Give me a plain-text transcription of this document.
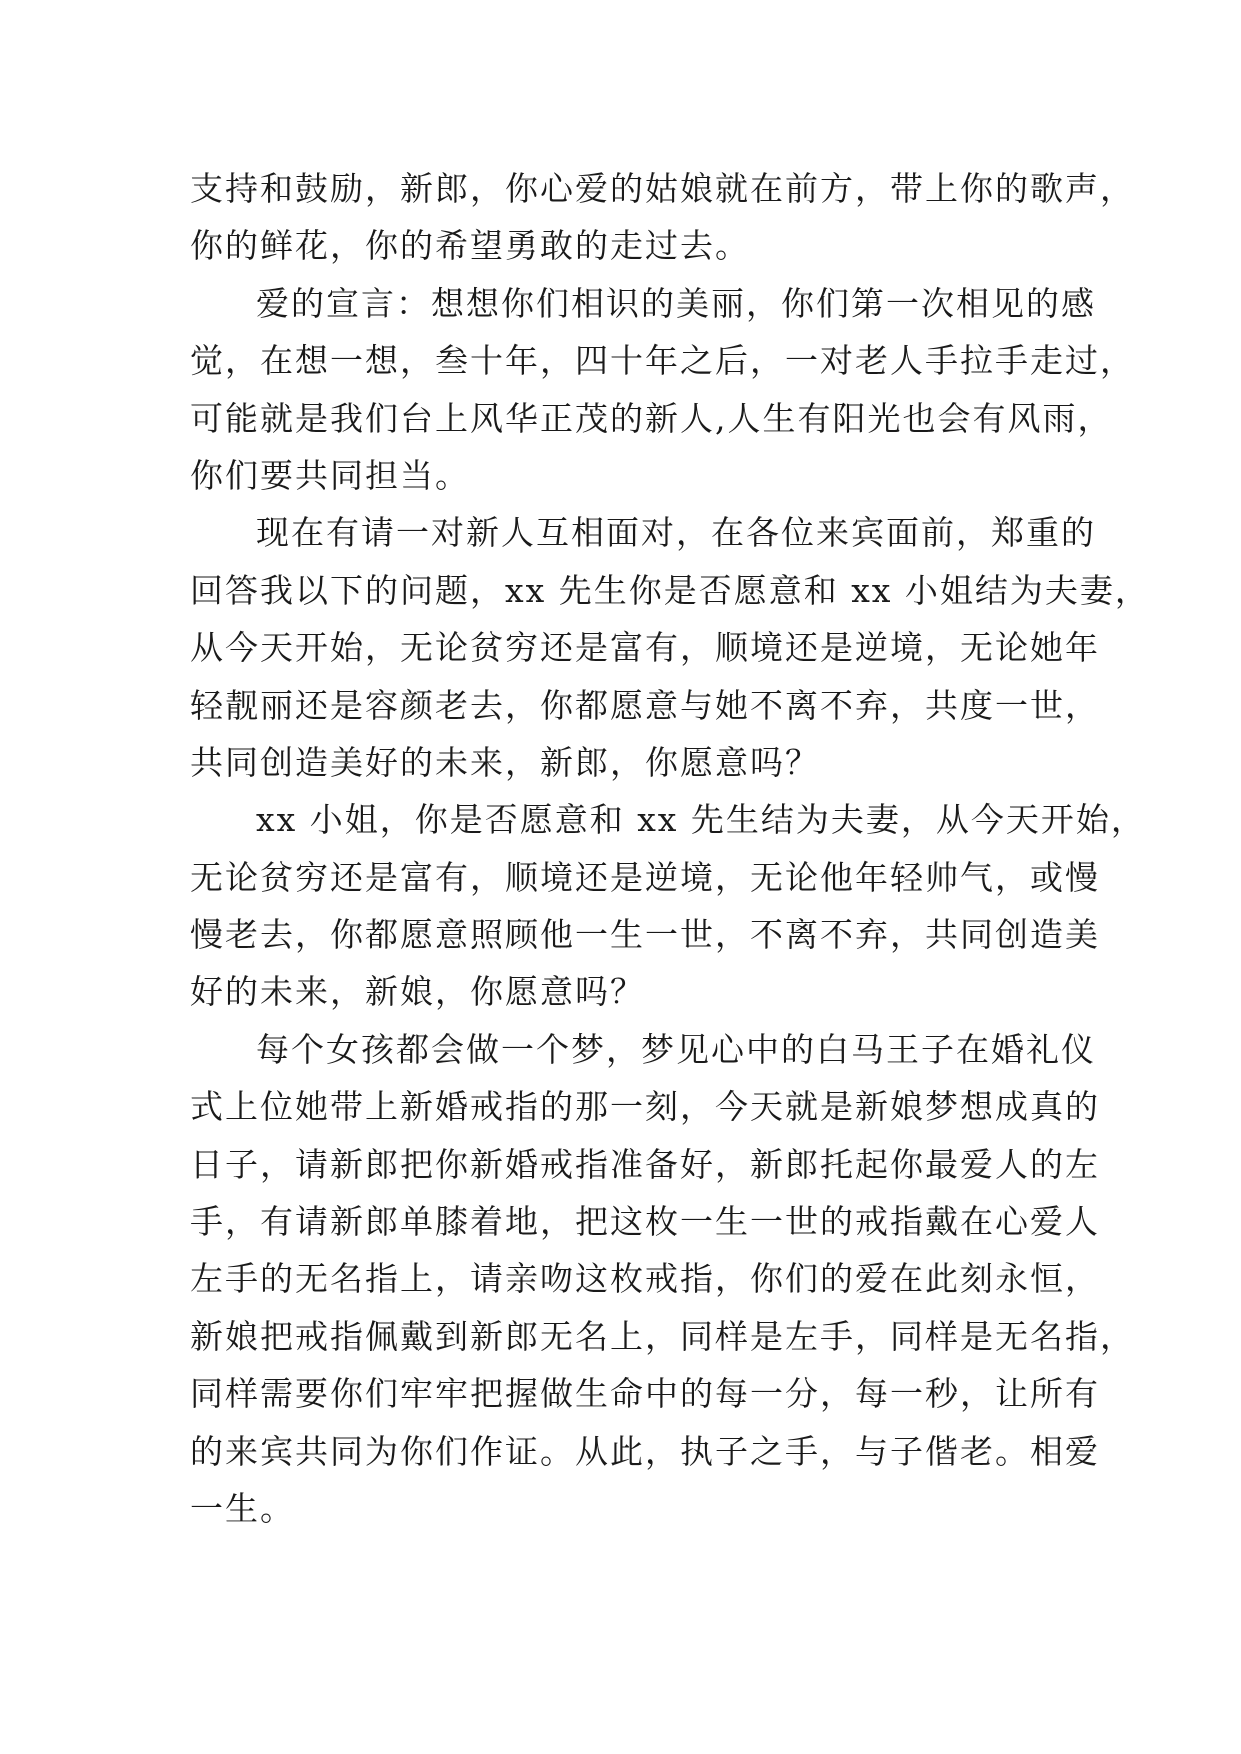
支持和鼓励，新郎，你心爱的姑娘就在前方，带上你的歌声，
你的鲜花，你的希望勇敢的走过去。
爱的宣言：想想你们相识的美丽，你们第一次相见的感
觉，在想一想，叁十年，四十年之后，一对老人手拉手走过，
可能就是我们台上风华正茂的新人,人生有阳光也会有风雨，
你们要共同担当。
现在有请一对新人互相面对，在各位来宾面前，郑重的
回答我以下的问题，xx 先生你是否愿意和 xx 小姐结为夫妻，
从今天开始，无论贫穷还是富有，顺境还是逆境，无论她年
轻靓丽还是容颜老去，你都愿意与她不离不弃，共度一世，
共同创造美好的未来，新郎，你愿意吗？
xx 小姐，你是否愿意和 xx 先生结为夫妻，从今天开始，
无论贫穷还是富有，顺境还是逆境，无论他年轻帅气，或慢
慢老去，你都愿意照顾他一生一世，不离不弃，共同创造美
好的未来，新娘，你愿意吗？
每个女孩都会做一个梦，梦见心中的白马王子在婚礼仪
式上位她带上新婚戒指的那一刻，今天就是新娘梦想成真的
日子，请新郎把你新婚戒指准备好，新郎托起你最爱人的左
手，有请新郎单膝着地，把这枚一生一世的戒指戴在心爱人
左手的无名指上，请亲吻这枚戒指，你们的爱在此刻永恒，
新娘把戒指佩戴到新郎无名上，同样是左手，同样是无名指，
同样需要你们牢牢把握做生命中的每一分，每一秒，让所有
的来宾共同为你们作证。从此，执子之手，与子偕老。相爱
一生。
